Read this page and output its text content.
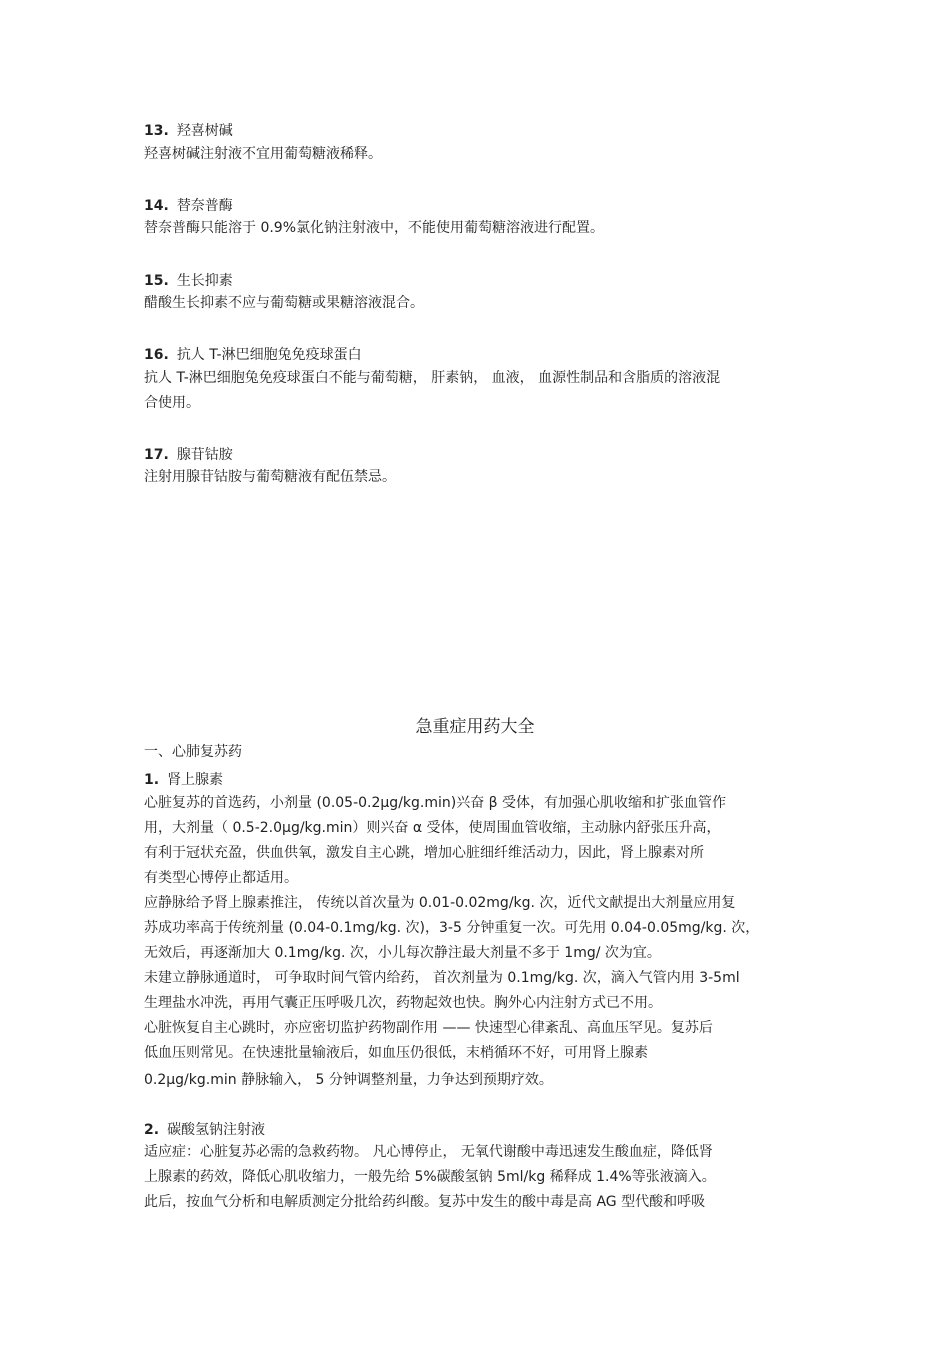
13. 羟喜树碱
羟喜树碱注射液不宜用葡萄糖液稀释。
14. 替奈普酶
替奈普酶只能溶于 0.9%氯化钠注射液中，不能使用葡萄糖溶液进行配置。
15. 生长抑素
醋酸生长抑素不应与葡萄糖或果糖溶液混合。
16. 抗人 T-淋巴细胞兔免疫球蛋白
抗人 T-淋巴细胞兔免疫球蛋白不能与葡萄糖， 肝素钠， 血液， 血源性制品和含脂质的溶液混
合使用。
17. 腺苷钴胺
注射用腺苷钴胺与葡萄糖液有配伍禁忌。
急重症用药大全
一、心肺复苏药
1. 肾上腺素
心脏复苏的首选药，小剂量 (0.05-0.2μg/kg.min)兴奋 β 受体，有加强心肌收缩和扩张血管作
用，大剂量（ 0.5-2.0μg/kg.min）则兴奋 α 受体，使周围血管收缩，主动脉内舒张压升高，
有利于冠状充盈，供血供氧，激发自主心跳，增加心脏细纤维活动力，因此，肾上腺素对所
有类型心博停止都适用。
应静脉给予肾上腺素推注， 传统以首次量为 0.01-0.02mg/kg. 次，近代文献提出大剂量应用复
苏成功率高于传统剂量 (0.04-0.1mg/kg. 次)，3-5 分钟重复一次。可先用 0.04-0.05mg/kg. 次，
无效后，再逐渐加大 0.1mg/kg. 次，小儿每次静注最大剂量不多于 1mg/ 次为宜。
未建立静脉通道时， 可争取时间气管内给药， 首次剂量为 0.1mg/kg. 次，滴入气管内用 3-5ml
生理盐水冲洗，再用气囊正压呼吸几次，药物起效也快。胸外心内注射方式已不用。
心脏恢复自主心跳时，亦应密切监护药物副作用 —— 快速型心律紊乱、高血压罕见。复苏后
低血压则常见。在快速批量输液后，如血压仍很低，末梢循环不好，可用肾上腺素
0.2μg/kg.min 静脉输入， 5 分钟调整剂量，力争达到预期疗效。
2. 碳酸氢钠注射液
适应症：心脏复苏必需的急救药物。 凡心博停止， 无氧代谢酸中毒迅速发生酸血症，降低肾
上腺素的药效，降低心肌收缩力，一般先给 5%碳酸氢钠 5ml/kg 稀释成 1.4%等张液滴入。
此后，按血气分析和电解质测定分批给药纠酸。复苏中发生的酸中毒是高 AG 型代酸和呼吸
